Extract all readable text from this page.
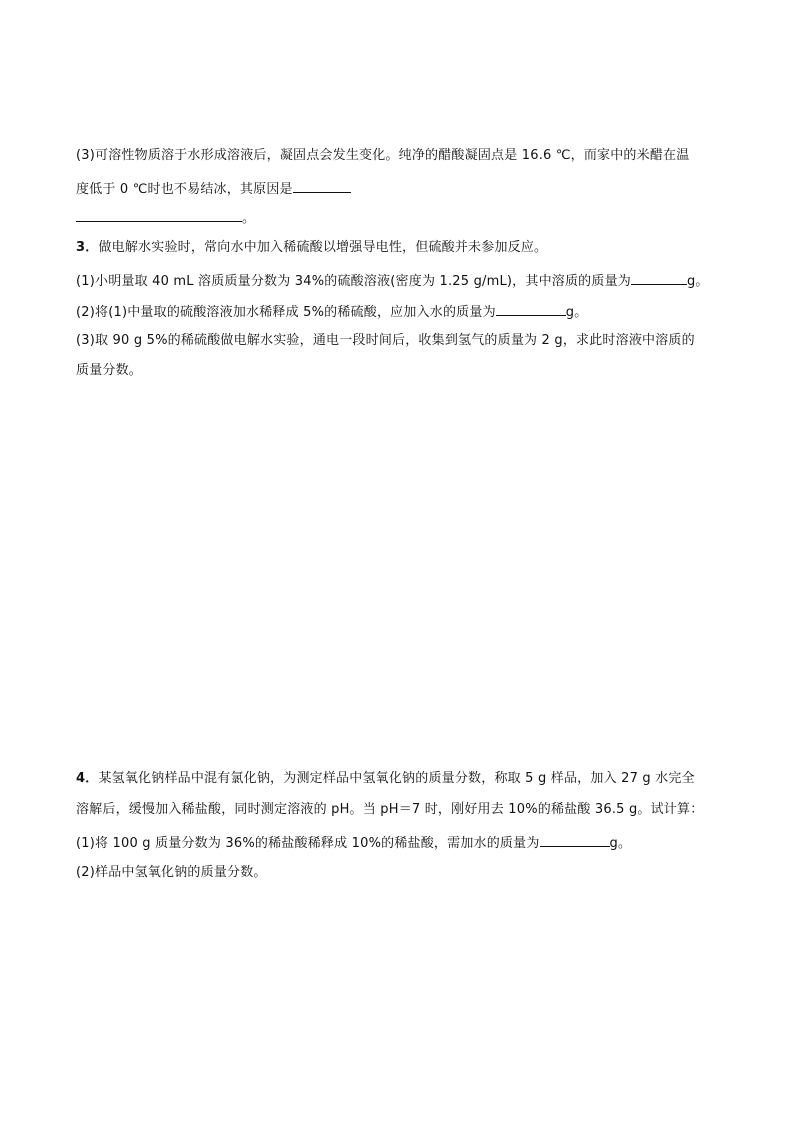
(3)可溶性物质溶于水形成溶液后，凝固点会发生变化。纯净的醋酸凝固点是 16.6 ℃，而家中的米醋在温
度低于 0 ℃时也不易结冰，其原因是
。
3．做电解水实验时，常向水中加入稀硫酸以增强导电性，但硫酸并未参加反应。
(1)小明量取 40 mL 溶质质量分数为 34%的硫酸溶液(密度为 1.25 g/mL)，其中溶质的质量为	g。
(2)将(1)中量取的硫酸溶液加水稀释成 5%的稀硫酸，应加入水的质量为	g。
(3)取 90 g 5%的稀硫酸做电解水实验，通电一段时间后，收集到氢气的质量为 2 g，求此时溶液中溶质的
质量分数。
4．某氢氧化钠样品中混有氯化钠，为测定样品中氢氧化钠的质量分数，称取 5 g 样品，加入 27 g 水完全
溶解后，缓慢加入稀盐酸，同时测定溶液的 pH。当 pH＝7 时，刚好用去 10%的稀盐酸 36.5 g。试计算：
(1)将 100 g 质量分数为 36%的稀盐酸稀释成 10%的稀盐酸，需加水的质量为	g。
(2)样品中氢氧化钠的质量分数。
